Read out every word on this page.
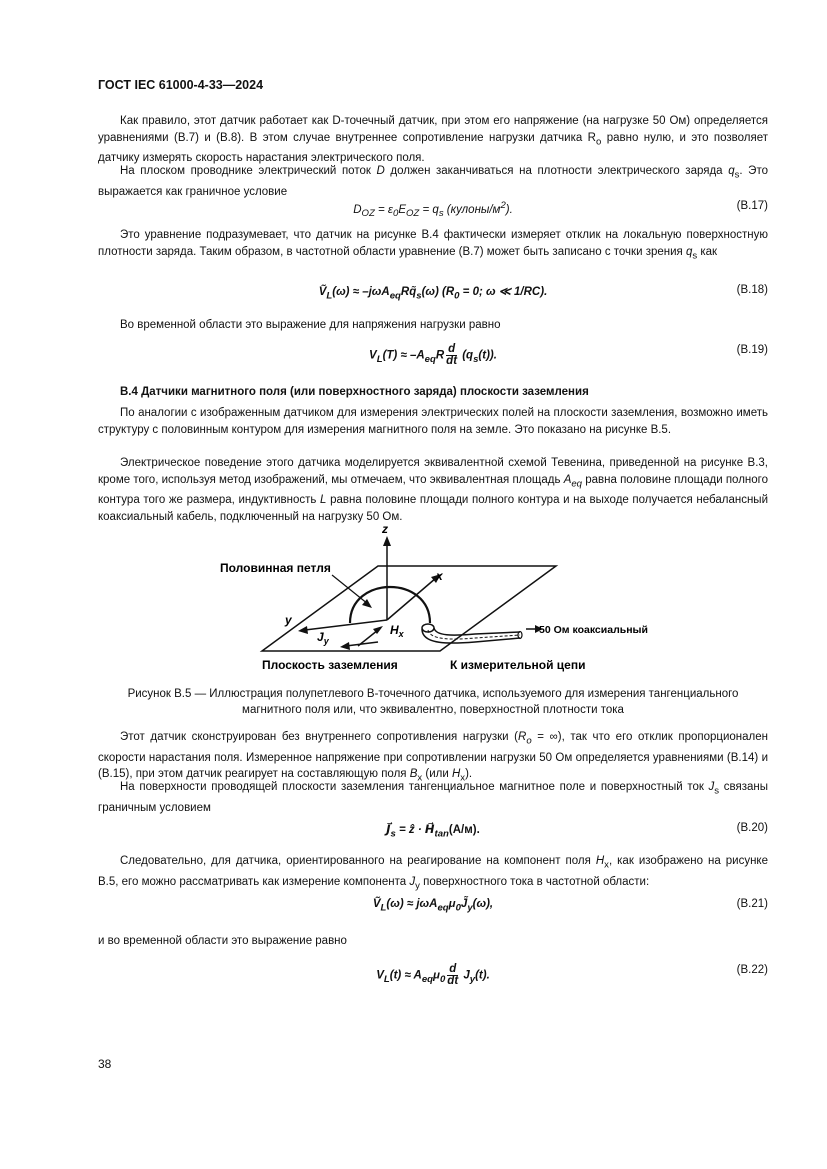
ГОСТ IEC 61000-4-33—2024

Как правило, этот датчик работает как D-точечный датчик, при этом его напряжение (на нагрузке 50 Ом) определяется уравнениями (B.7) и (B.8). В этом случае внутреннее сопротивление нагрузки датчика $R_o$ равно нулю, и это позволяет датчику измерять скорость нарастания электрического поля.

На плоском проводнике электрический поток D должен заканчиваться на плотности электрического заряда $q_s$. Это выражается как граничное условие

$D_{OZ} = \varepsilon_0E_{OZ} = q_s$ $(кулоны/м^2)$.	(B.17)

Это уравнение подразумевает, что датчик на рисунке В.4 фактически измеряет отклик на локальную поверхностную плотности заряда. Таким образом, в частотной области уравнение (В.7) может быть записано с точки зрения $q_s$ как

Ṽ$_L$(ω) ≈ $-j\omega A_{eq}Rq̃_s(\omega) (R_0 = 0$; ω ≪ 1/RC).	(B.18)

Во временной области это выражение для напряжения нагрузки равно

$V_L(T) \approx -A_{eq}R \frac{d}{dt} (q_s(t))$.	(B.19)
B.4 Датчики магнитного поля (или поверхностного заряда) плоскости заземления

По аналогии с изображенным датчиком для измерения электрических полей на плоскости заземления, возможно иметь структуру с половинным контуром для измерения магнитного поля на земле. Это показано на рисунке B.5.

Электрическое поведение этого датчика моделируется эквивалентной схемой Тевенина, приведенной на рисунке B.3, кроме того, используя метод изображений, мы отмечаем, что эквивалентная площадь $A_{eq}$ равна половине площади полного контура того же размера, индуктивность L равна половине площади полного контура и на выходе получается небалансный коаксиальный кабель, подключенный на нагрузку 50 Ом.

Половинная петля
z
x
y
$H_x$
$J_y$
50 Ом коаксиальный
Плоскость заземления	К измерительной цепи
Рисунок B.5 — Иллюстрация полупетлевого B-точечного датчика, используемого для измерения тангенциального
магнитного поля или, что эквивалентно, поверхностной плотности тока

Этот датчик сконструирован без внутреннего сопротивления нагрузки ($R_o$ = ∞), так что его отклик пропорционален скорости нарастания поля. Измеренное напряжение при сопротивлении нагрузки 50 Ом определяется уравнениями (B.14) и (B.15), при этом датчик реагирует на составляющую поля $B_x$ (или $H_x$).

На поверхности проводящей плоскости заземления тангенциальное магнитное поле и поверхностный ток $J_s$ связаны граничным условием

$J⃗_s$ = ẑ · $H⃗_{tan}(А/м)$.	(B.20)

Следовательно, для датчика, ориентированного на реагирование на компонент поля $H_x$, как изображено на рисунке B.5, его можно рассматривать как измерение компонента $J_y$ поверхностного тока в частотной области:

Ṽ$_L$(ω) ≈ $j\omega A_{eq}\mu_0J̃_y(\omega)$,	(B.21)

и во временной области это выражение равно

$V_L(t) \approx A_{eq}\mu_0 \frac{d}{dt} J_y(t)$.	(B.22)
38
